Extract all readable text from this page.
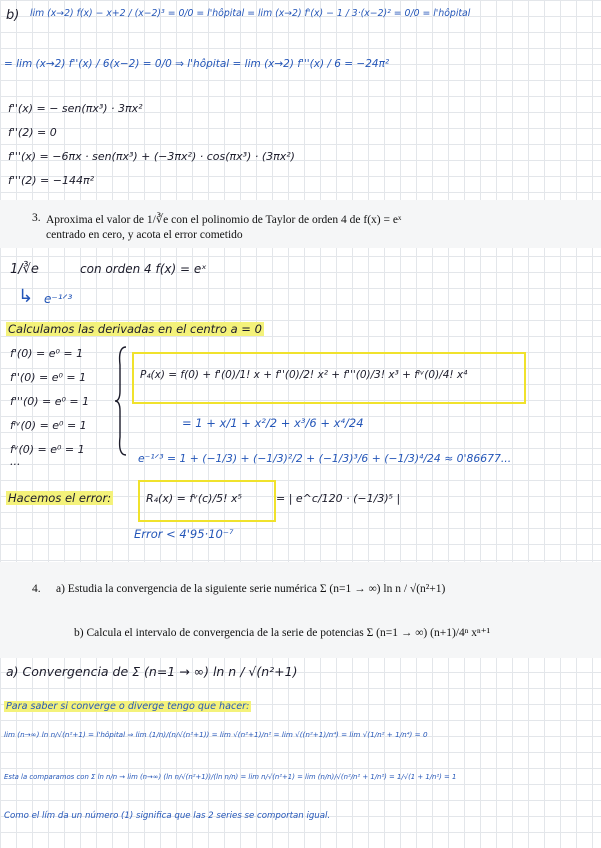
b) lim (x→2) f(x) − x+2 / (x−2)³ = 0/0 = l'hôpital = lim (x→2) f'(x) − 1 / 3·(x−2)² = 0/0 = l'hôpital
= lim (x→2) f''(x) / 6(x−2) = 0/0 ⇒ l'hôpital = lim (x→2) f'''(x) / 6 = −24π²
f''(x) = − sen(πx³) · 3πx²
f''(2) = 0
f'''(x) = −6πx · sen(πx³) + (−3πx²) · cos(πx³) · (3πx²)
f'''(2) = −144π²
3. Aproxima el valor de 1/∛e con el polinomio de Taylor de orden 4 de f(x) = eˣ
centrado en cero, y acota el error cometido
1/∛e	con orden 4 f(x) = eˣ
↳ e⁻¹ᐟ³
Calculamos las derivadas en el centro a = 0
f'(0) = e⁰ = 1
f''(0) = e⁰ = 1
f'''(0) = e⁰ = 1
fᴵᵛ(0) = e⁰ = 1
fᵛ(0) = e⁰ = 1
...
P₄(x) = f(0) + f'(0)/1! x + f''(0)/2! x² + f'''(0)/3! x³ + fᴵᵛ(0)/4! x⁴
= 1 + x/1 + x²/2 + x³/6 + x⁴/24
e⁻¹ᐟ³ = 1 + (−1/3) + (−1/3)²/2 + (−1/3)³/6 + (−1/3)⁴/24 ≈ 0'86677...
Hacemos el error:	R₄(x) = fᵛ(c)/5! x⁵	= | e^c/120 · (−1/3)⁵ |
Error < 4'95·10⁻⁷
4. a) Estudia la convergencia de la siguiente serie numérica Σ (n=1 → ∞) ln n / √(n²+1)
b) Calcula el intervalo de convergencia de la serie de potencias Σ (n=1 → ∞) (n+1)/4ⁿ xⁿ⁺¹
a) Convergencia de Σ (n=1 → ∞) ln n / √(n²+1)
Para saber si converge o diverge tengo que hacer:
lim (n→∞) ln n/√(n²+1) = l'hôpital ⇒ lim (1/n)/(n/√(n²+1)) = lim √(n²+1)/n² = lim √((n²+1)/n⁴) = lim √(1/n² + 1/n⁴) = 0
Esta la comparamos con Σ ln n/n → lim (n→∞) (ln n/√(n²+1))/(ln n/n) = lim n/√(n²+1) = lim (n/n)/√(n²/n² + 1/n²) = 1/√(1 + 1/n²) = 1
Como el lím da un número (1) significa que las 2 series se comportan igual.
